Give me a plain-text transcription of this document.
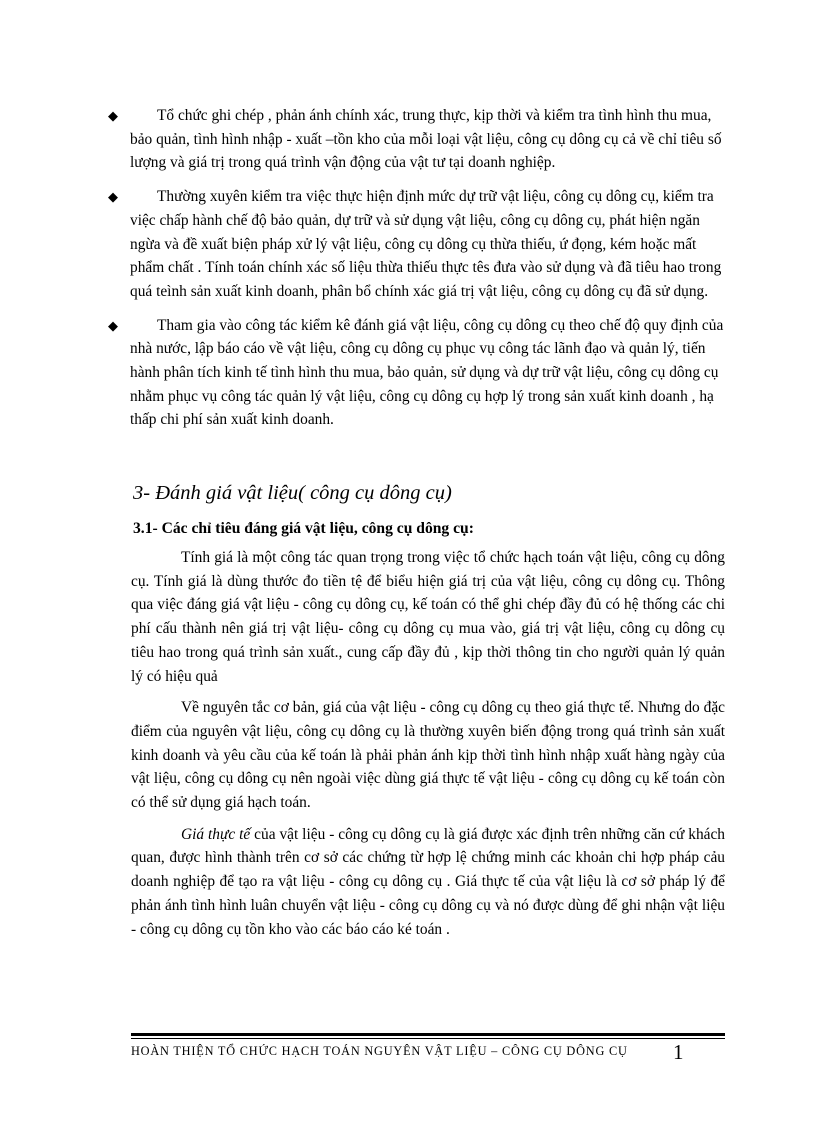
◆	Tổ chức ghi chép , phản ánh chính xác, trung thực, kịp thời và kiểm tra tình hình thu mua, bảo quản, tình hình nhập - xuất –tồn kho của mỗi loại vật liệu, công cụ dông cụ cả về chỉ tiêu số lượng và giá trị trong quá trình vận động của vật tư tại doanh nghiệp.
◆	Thường xuyên kiểm tra việc thực hiện định mức dự trữ vật liệu, công cụ dông cụ, kiểm tra việc chấp hành chế độ bảo quản, dự trữ và sử dụng vật liệu, công cụ dông cụ, phát hiện ngăn ngừa và đề xuất biện pháp xử lý vật liệu, công cụ dông cụ thừa thiếu, ứ đọng, kém hoặc mất phẩm chất . Tính toán chính xác số liệu thừa thiếu thực tês đưa vào sử dụng và đã tiêu hao trong quá teình sản xuất kinh doanh, phân bổ chính xác giá trị vật liệu, công cụ dông cụ đã sử dụng.
◆	Tham gia vào công tác kiểm kê đánh giá vật liệu, công cụ dông cụ theo chế độ quy định của nhà nước, lập báo cáo về vật liệu, công cụ dông cụ phục vụ công tác lãnh đạo và quản lý, tiến hành phân tích kinh tế tình hình thu mua, bảo quản, sử dụng và dự trữ vật liệu, công cụ dông cụ nhằm phục vụ công tác quản lý vật liệu, công cụ dông cụ hợp lý trong sản xuất kinh doanh , hạ thấp chi phí sản xuất kinh doanh.
3- Đánh giá vật liệu( công cụ dông cụ)
3.1- Các chỉ tiêu đáng giá vật liệu, công cụ dông cụ:

Tính giá là một công tác quan trọng trong việc tổ chức hạch toán vật liệu, công cụ dông cụ. Tính giá là dùng thước đo tiền tệ để biểu hiện giá trị của vật liệu, công cụ dông cụ. Thông qua việc đáng giá vật liệu - công cụ dông cụ, kế toán có thể ghi chép đầy đủ có hệ thống các chi phí cấu thành nên giá trị vật liệu- công cụ dông cụ mua vào, giá trị vật liệu, công cụ dông cụ tiêu hao trong quá trình sản xuất., cung cấp đầy đủ , kịp thời thông tin cho người quản lý quản lý có hiệu quả

Về nguyên tắc cơ bản, giá của vật liệu - công cụ dông cụ theo giá thực tế. Nhưng do đặc điểm của nguyên vật liệu, công cụ dông cụ là thường xuyên biến động trong quá trình sản xuất kinh doanh và yêu cầu của kế toán là phải phản ánh kịp thời tình hình nhập xuất hàng ngày của vật liệu, công cụ dông cụ nên ngoài việc dùng giá thực tế vật liệu - công cụ dông cụ kế toán còn có thể sử dụng giá hạch toán.

Giá thực tế của vật liệu - công cụ dông cụ là giá được xác định trên những căn cứ khách quan, được hình thành trên cơ sở các chứng từ hợp lệ chứng minh các khoản chi hợp pháp cảu doanh nghiệp để tạo ra vật liệu - công cụ dông cụ . Giá thực tế của vật liệu là cơ sở pháp lý để phản ánh tình hình luân chuyển vật liệu - công cụ dông cụ và nó được dùng để ghi nhận vật liệu - công cụ dông cụ tồn kho vào các báo cáo ké toán .

HOÀN THIỆN TỔ CHỨC HẠCH TOÁN NGUYÊN VẬT LIỆU – CÔNG CỤ DÔNG CỤ 1
